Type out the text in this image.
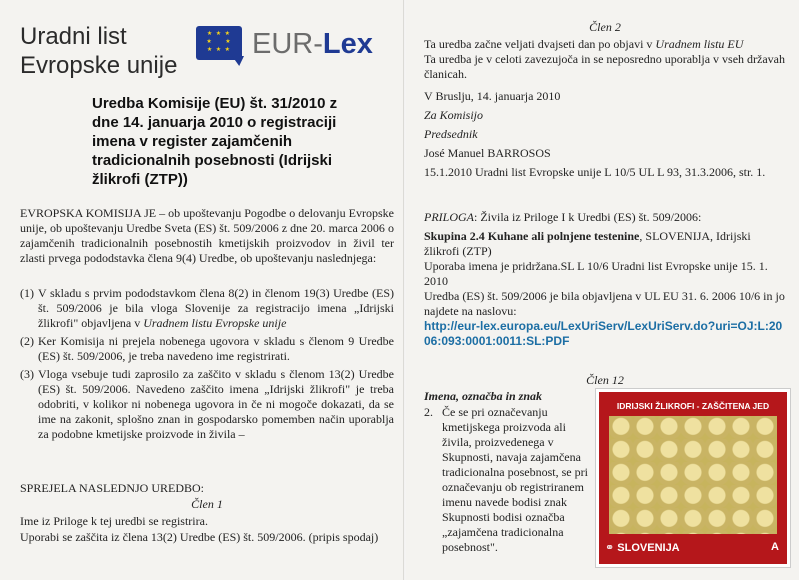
Uradni list
Evropske unije
★ ★ ★
★     ★
★ ★ ★ EUR-Lex
Uredba Komisije (EU) št. 31/2010 z dne 14. januarja 2010 o registraciji imena v register zajamčenih tradicionalnih posebnosti (Idrijski žlikrofi (ZTP))
EVROPSKA KOMISIJA JE – ob upoštevanju Pogodbe o delovanju Evropske unije, ob upoštevanju Uredbe Sveta (ES) št. 509/2006 z dne 20. marca 2006 o zajamčenih tradicionalnih posebnostih kmetijskih proizvodov in živil ter zlasti prvega pododstavka člena 9(4) Uredbe, ob upoštevanju naslednjega:
(1) V skladu s prvim pododstavkom člena 8(2) in členom 19(3) Uredbe (ES) št. 509/2006 je bila vloga Slovenije za registracijo imena „Idrijski žlikrofi" objavljena v Uradnem listu Evropske unije
(2) Ker Komisija ni prejela nobenega ugovora v skladu s členom 9 Uredbe (ES) št. 509/2006, je treba navedeno ime registrirati.
(3) Vloga vsebuje tudi zaprosilo za zaščito v skladu s členom 13(2) Uredbe (ES) št. 509/2006. Navedeno zaščito imena „Idrijski žlikrofi" je treba odobriti, v kolikor ni nobenega ugovora in če ni mogoče dokazati, da se ime na zakonit, splošno znan in gospodarsko pomemben način uporablja za podobne kmetijske proizvode in živila –
SPREJELA NASLEDNJO UREDBO:
Člen 1
Ime iz Priloge k tej uredbi se registrira.
Uporabi se zaščita iz člena 13(2) Uredbe (ES) št. 509/2006. (pripis spodaj)
Člen 2
Ta uredba začne veljati dvajseti dan po objavi v Uradnem listu EU
Ta uredba je v celoti zavezujoča in se neposredno uporablja v vseh državah članicah.
V Bruslju, 14. januarja 2010
Za Komisijo
Predsednik
José Manuel BARROSOS
15.1.2010 Uradni list Evropske unije L 10/5 UL L 93, 31.3.2006, str. 1.
PRILOGA: Živila iz Priloge I k Uredbi (ES) št. 509/2006:
Skupina 2.4 Kuhane ali polnjene testenine, SLOVENIJA, Idrijski žlikrofi (ZTP)
Uporaba imena je pridržana.SL L 10/6 Uradni list Evropske unije 15. 1. 2010
Uredba (ES) št. 509/2006 je bila objavljena v UL EU 31. 6. 2006 10/6 in jo najdete na naslovu:
http://eur-lex.europa.eu/LexUriServ/LexUriServ.do?uri=OJ:L:2006:093:0001:0011:SL:PDF
Člen 12
Imena, označba in znak
2. Če se pri označevanju kmetijskega proizvoda ali živila, proizvedenega v Skupnosti, navaja zajamčena tradicionalna posebnost, se pri označevanju ob registriranem imenu navede bodisi znak Skupnosti bodisi označba „zajamčena tradicionalna posebnost".
IDRIJSKI ŽLIKROFI - ZAŠČITENA JED
⚭ SLOVENIJA	A
